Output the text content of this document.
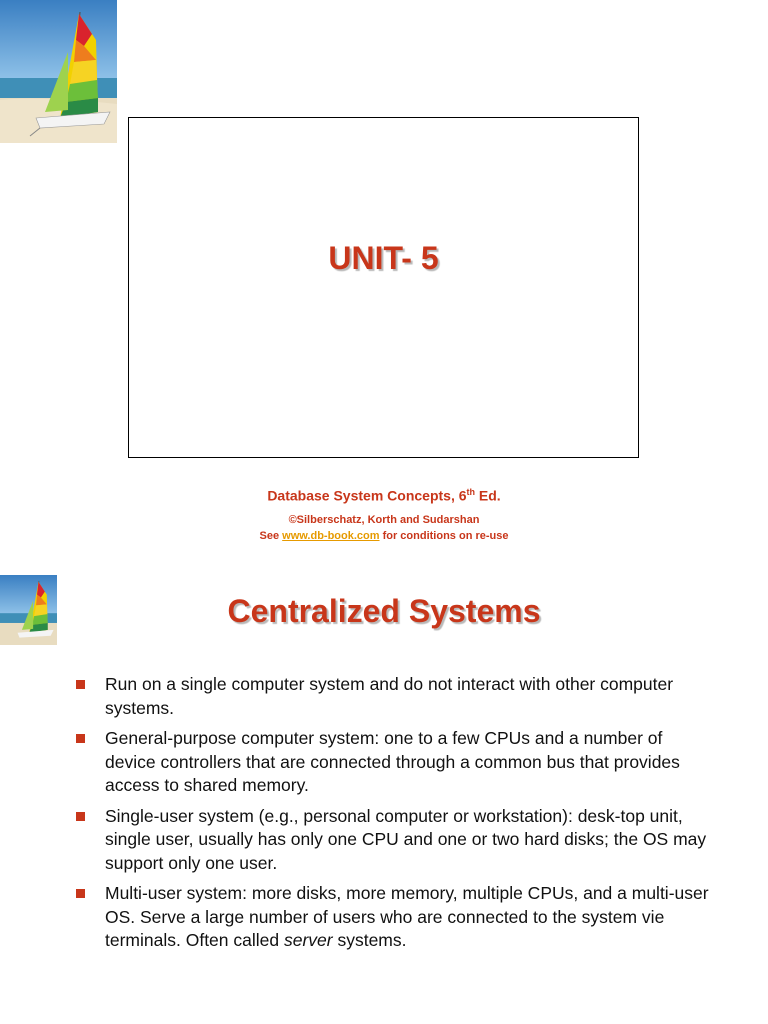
UNIT- 5
Database System Concepts, 6th Ed.
©Silberschatz, Korth and Sudarshan
See www.db-book.com for conditions on re-use
Centralized Systems
Run on a single computer system and do not interact with other computer systems.
General-purpose computer system: one to a few CPUs and a number of device controllers that are connected through a common bus that provides access to shared memory.
Single-user system (e.g., personal computer or workstation): desk-top unit, single user, usually has only one CPU and one or two hard disks; the OS may support only one user.
Multi-user system: more disks, more memory, multiple CPUs, and a multi-user OS. Serve a large number of users who are connected to the system vie terminals. Often called server systems.
